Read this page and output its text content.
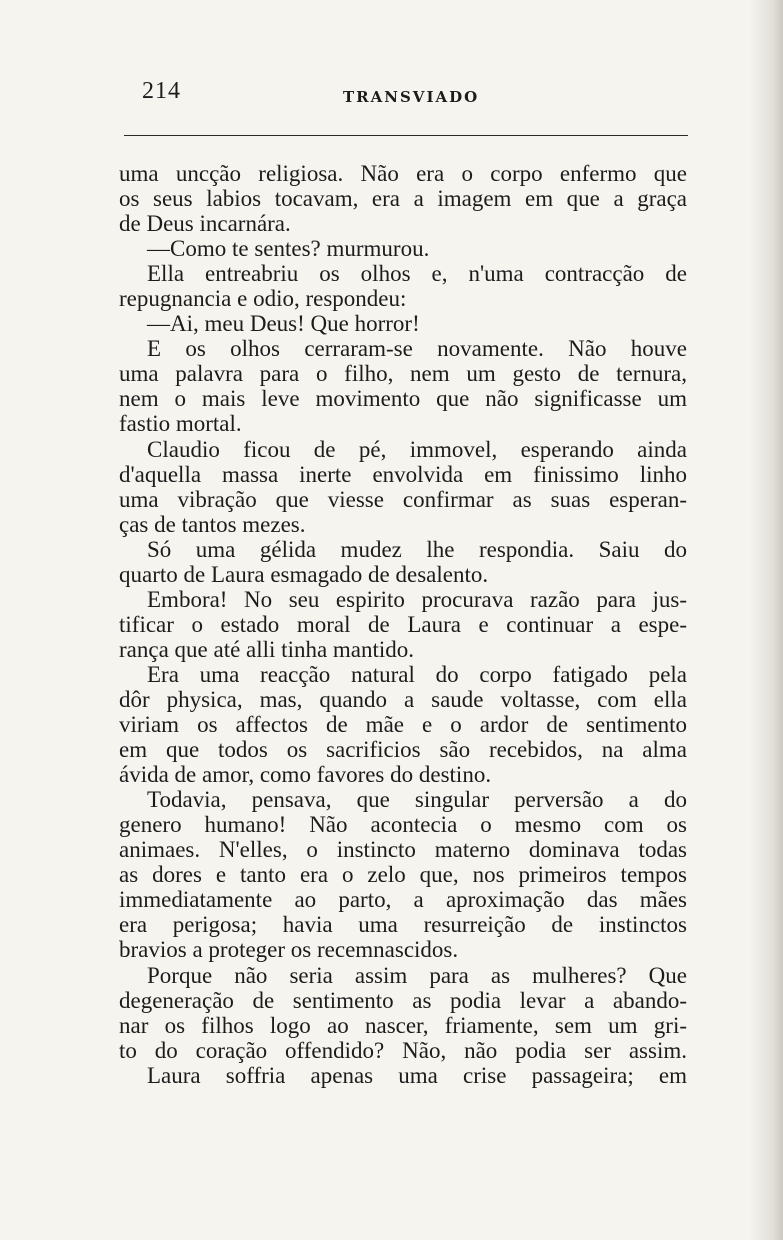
214	TRANSVIADO
uma uncção religiosa. Não era o corpo enfermo que
os seus labios tocavam, era a imagem em que a graça
de Deus incarnára.
—Como te sentes? murmurou.
Ella entreabriu os olhos e, n'uma contracção de
repugnancia e odio, respondeu:
—Ai, meu Deus! Que horror!
E os olhos cerraram-se novamente. Não houve
uma palavra para o filho, nem um gesto de ternura,
nem o mais leve movimento que não significasse um
fastio mortal.
Claudio ficou de pé, immovel, esperando ainda
d'aquella massa inerte envolvida em finissimo linho
uma vibração que viesse confirmar as suas esperan-
ças de tantos mezes.
Só uma gélida mudez lhe respondia. Saiu do
quarto de Laura esmagado de desalento.
Embora! No seu espirito procurava razão para jus-
tificar o estado moral de Laura e continuar a espe-
rança que até alli tinha mantido.
Era uma reacção natural do corpo fatigado pela
dôr physica, mas, quando a saude voltasse, com ella
viriam os affectos de mãe e o ardor de sentimento
em que todos os sacrificios são recebidos, na alma
ávida de amor, como favores do destino.
Todavia, pensava, que singular perversão a do
genero humano! Não acontecia o mesmo com os
animaes. N'elles, o instincto materno dominava todas
as dores e tanto era o zelo que, nos primeiros tempos
immediatamente ao parto, a aproximação das mães
era perigosa; havia uma resurreição de instinctos
bravios a proteger os recemnascidos.
Porque não seria assim para as mulheres? Que
degeneração de sentimento as podia levar a abando-
nar os filhos logo ao nascer, friamente, sem um gri-
to do coração offendido? Não, não podia ser assim.
Laura soffria apenas uma crise passageira; em
